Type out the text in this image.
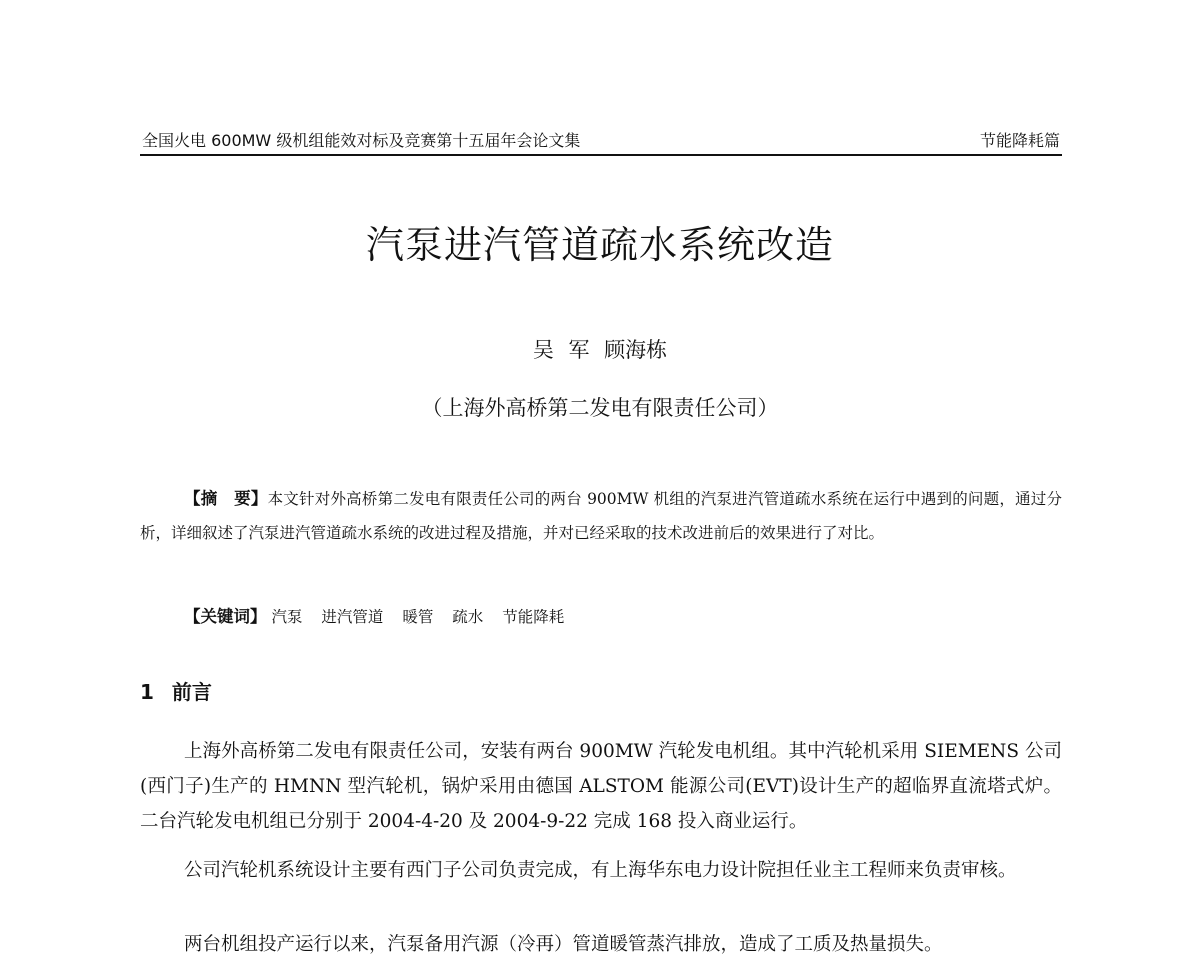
全国火电 600MW 级机组能效对标及竞赛第十五届年会论文集	节能降耗篇
汽泵进汽管道疏水系统改造
吴 军 顾海栋
（上海外高桥第二发电有限责任公司）

【摘　要】本文针对外高桥第二发电有限责任公司的两台 900MW 机组的汽泵进汽管道疏水系统在运行中遇到的问题，通过分析，详细叙述了汽泵进汽管道疏水系统的改进过程及措施，并对已经采取的技术改进前后的效果进行了对比。

【关键词】 汽泵 进汽管道 暖管 疏水 节能降耗

1 前言

上海外高桥第二发电有限责任公司，安装有两台 900MW 汽轮发电机组。其中汽轮机采用 SIEMENS 公司(西门子)生产的 HMNN 型汽轮机，锅炉采用由德国 ALSTOM 能源公司(EVT)设计生产的超临界直流塔式炉。二台汽轮发电机组已分别于 2004-4-20 及 2004-9-22 完成 168 投入商业运行。

公司汽轮机系统设计主要有西门子公司负责完成，有上海华东电力设计院担任业主工程师来负责审核。

两台机组投产运行以来，汽泵备用汽源（冷再）管道暖管蒸汽排放，造成了工质及热量损失。
